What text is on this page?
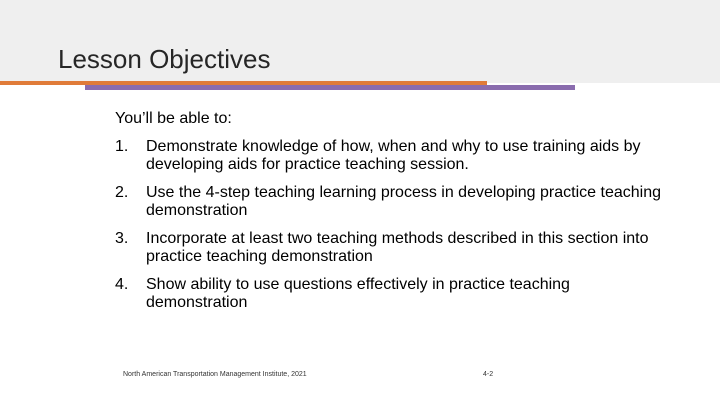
Lesson Objectives
You’ll be able to:
1. Demonstrate knowledge of how, when and why to use training aids by developing aids for practice teaching session.
2. Use the 4-step teaching learning process in developing practice teaching demonstration
3. Incorporate at least two teaching methods described in this section into practice teaching demonstration
4. Show ability to use questions effectively in practice teaching demonstration
North American Transportation Management Institute, 2021	4-2
